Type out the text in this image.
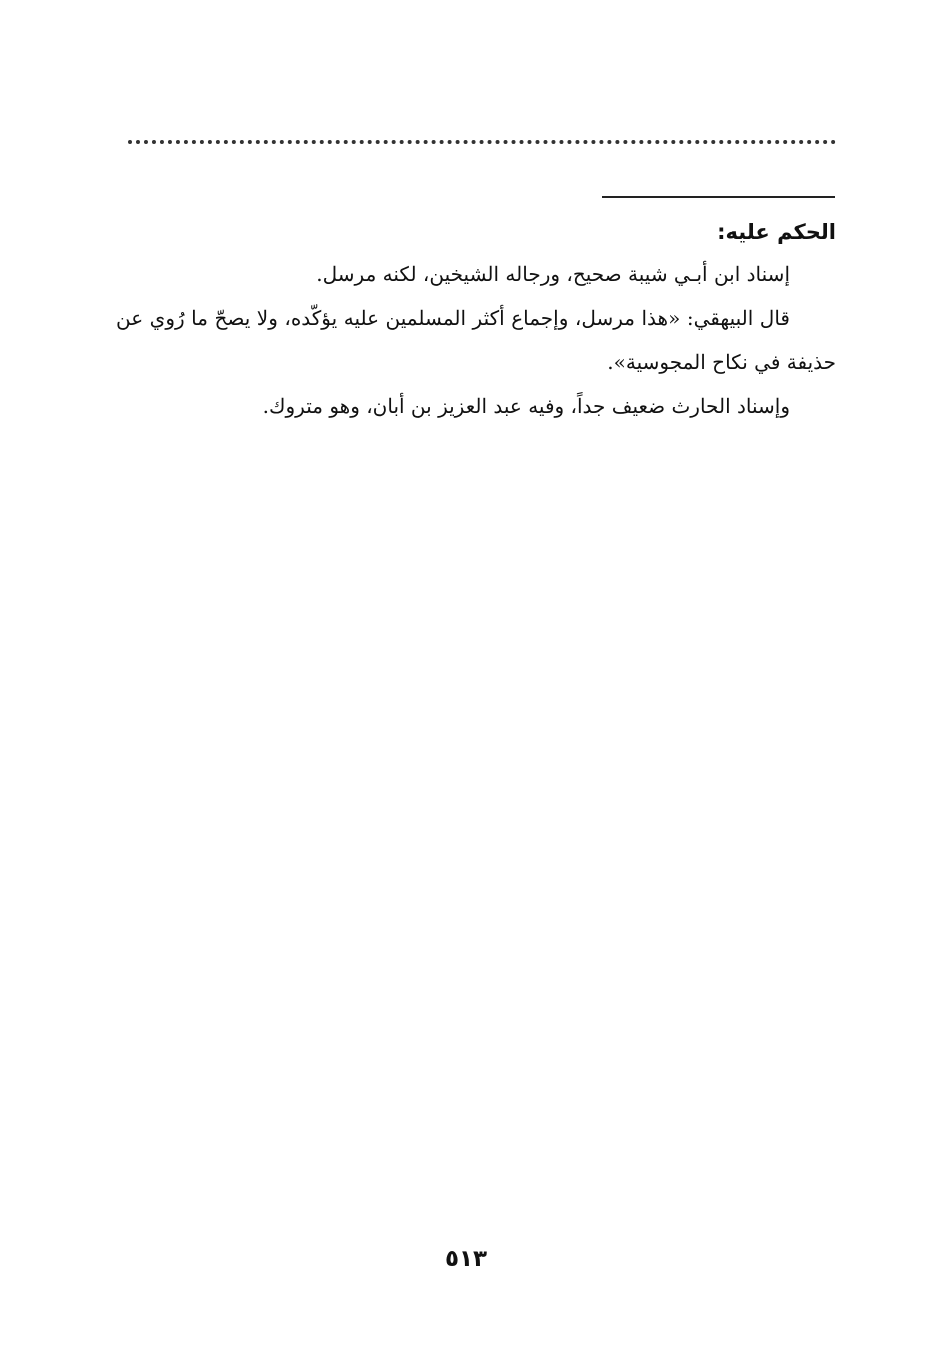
الحكم عليه:

إسناد ابن أبـي شيبة صحيح، ورجاله الشيخين، لكنه مرسل.

قال البيهقي: «هذا مرسل، وإجماع أكثر المسلمين عليه يؤكّده، ولا يصحّ ما رُوي عن حذيفة في نكاح المجوسية».

وإسناد الحارث ضعيف جداً، وفيه عبد العزيز بن أبان، وهو متروك.

٥١٣
